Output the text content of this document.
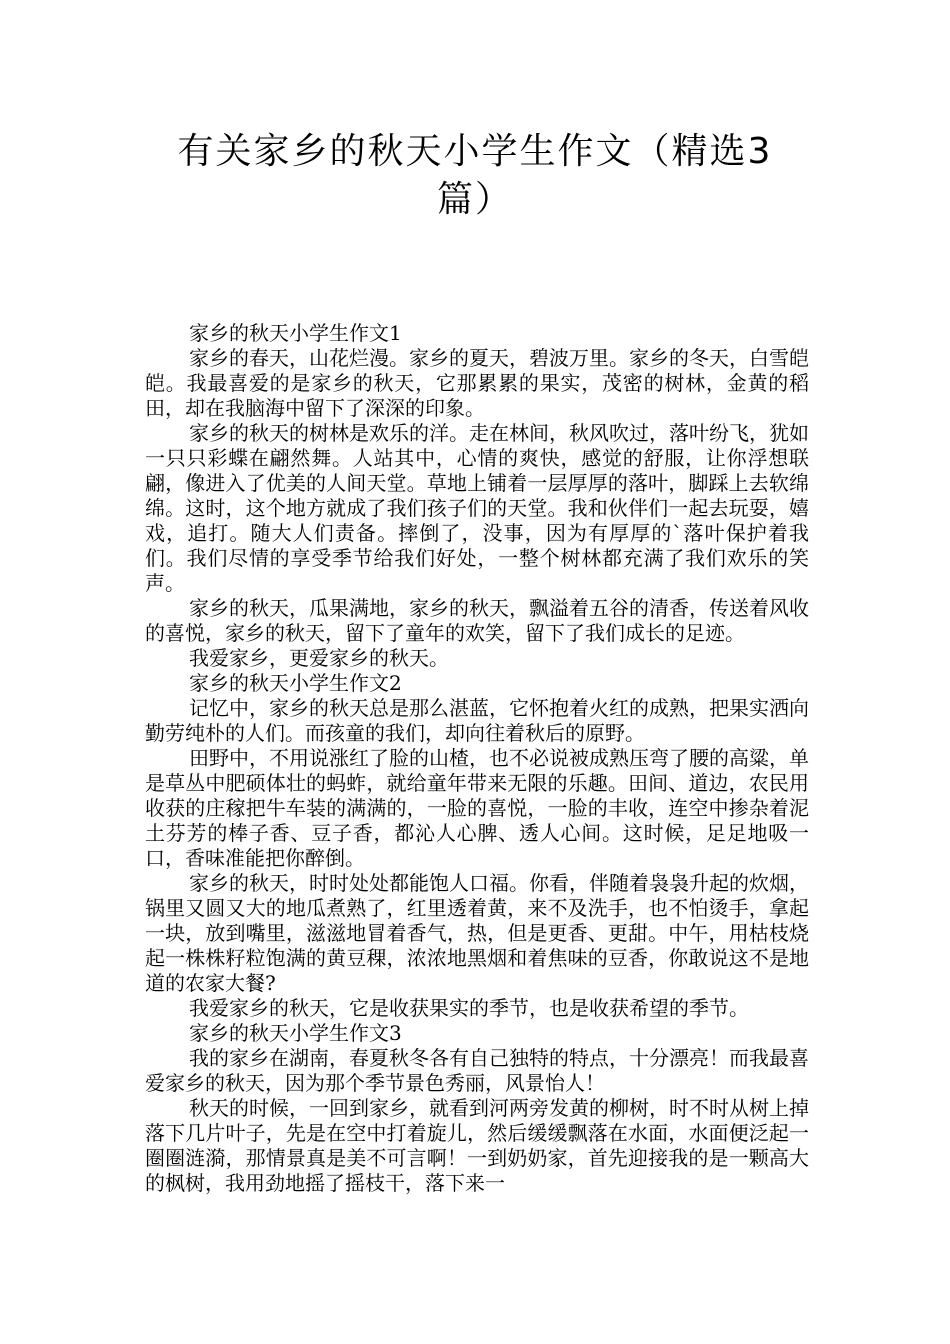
有关家乡的秋天小学生作文（精选3篇）

家乡的秋天小学生作文1

家乡的春天，山花烂漫。家乡的夏天，碧波万里。家乡的冬天，白雪皑皑。我最喜爱的是家乡的秋天，它那累累的果实，茂密的树林，金黄的稻田，却在我脑海中留下了深深的印象。

家乡的秋天的树林是欢乐的洋。走在林间，秋风吹过，落叶纷飞，犹如一只只彩蝶在翩然舞。人站其中，心情的爽快，感觉的舒服，让你浮想联翩，像进入了优美的人间天堂。草地上铺着一层厚厚的落叶，脚踩上去软绵绵。这时，这个地方就成了我们孩子们的天堂。我和伙伴们一起去玩耍，嬉戏，追打。随大人们责备。摔倒了，没事，因为有厚厚的`落叶保护着我们。我们尽情的享受季节给我们好处，一整个树林都充满了我们欢乐的笑声。

家乡的秋天，瓜果满地，家乡的秋天，飘溢着五谷的清香，传送着风收的喜悦，家乡的秋天，留下了童年的欢笑，留下了我们成长的足迹。

我爱家乡，更爱家乡的秋天。

家乡的秋天小学生作文2

记忆中，家乡的秋天总是那么湛蓝，它怀抱着火红的成熟，把果实洒向勤劳纯朴的人们。而孩童的我们，却向往着秋后的原野。

田野中，不用说涨红了脸的山楂，也不必说被成熟压弯了腰的高粱，单是草丛中肥硕体壮的蚂蚱，就给童年带来无限的乐趣。田间、道边，农民用收获的庄稼把牛车装的满满的，一脸的喜悦，一脸的丰收，连空中掺杂着泥土芬芳的棒子香、豆子香，都沁人心脾、透人心间。这时候，足足地吸一口，香味准能把你醉倒。

家乡的秋天，时时处处都能饱人口福。你看，伴随着袅袅升起的炊烟，锅里又圆又大的地瓜煮熟了，红里透着黄，来不及洗手，也不怕烫手，拿起一块，放到嘴里，滋滋地冒着香气，热，但是更香、更甜。中午，用枯枝烧起一株株籽粒饱满的黄豆稞，浓浓地黑烟和着焦味的豆香，你敢说这不是地道的农家大餐?

我爱家乡的秋天，它是收获果实的季节，也是收获希望的季节。

家乡的秋天小学生作文3

我的家乡在湖南，春夏秋冬各有自己独特的特点，十分漂亮！而我最喜爱家乡的秋天，因为那个季节景色秀丽，风景怡人！

秋天的时候，一回到家乡，就看到河两旁发黄的柳树，时不时从树上掉落下几片叶子，先是在空中打着旋儿，然后缓缓飘落在水面，水面便泛起一圈圈涟漪，那情景真是美不可言啊！一到奶奶家，首先迎接我的是一颗高大的枫树，我用劲地摇了摇枝干，落下来一
